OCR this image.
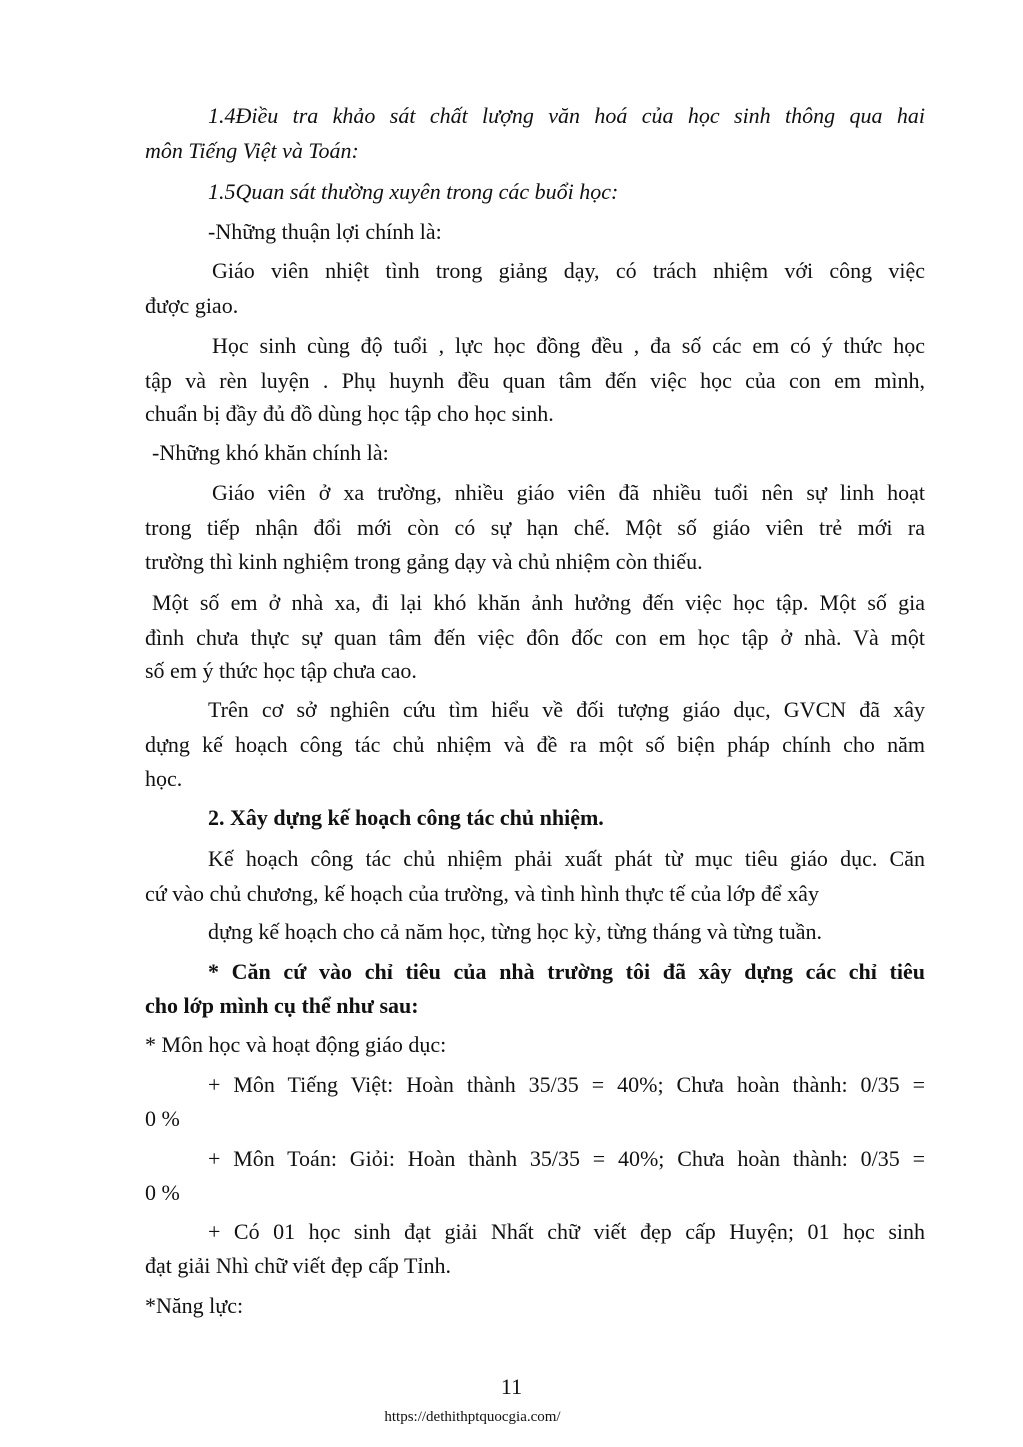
1.4Điều tra khảo sát chất lượng văn hoá của học sinh thông qua hai

môn Tiếng Việt và Toán:

1.5Quan sát thường xuyên trong các buổi học:

-Những thuận lợi chính là:

Giáo viên nhiệt tình trong giảng dạy, có trách nhiệm với công việc

được giao.

Học sinh cùng độ tuổi , lực học đồng đều , đa số các em có ý thức học

tập và rèn luyện . Phụ huynh đều quan tâm đến việc học của con em mình,

chuẩn bị đầy đủ đồ dùng học tập cho học sinh.

-Những khó khăn chính là:

Giáo viên ở xa trường, nhiều giáo viên đã nhiều tuổi nên sự linh hoạt

trong tiếp nhận đổi mới còn có sự hạn chế. Một số giáo viên trẻ mới ra

trường thì kinh nghiệm trong gảng dạy và chủ nhiệm còn thiếu.

Một số em ở nhà xa, đi lại khó khăn ảnh hưởng đến việc học tập. Một số gia

đình chưa thực sự quan tâm đến việc đôn đốc con em học tập ở nhà. Và một

số em ý thức học tập chưa cao.

Trên cơ sở nghiên cứu tìm hiểu về đối tượng giáo dục, GVCN đã xây

dựng kế hoạch công tác chủ nhiệm và đề ra một số biện pháp chính cho năm

học.

2. Xây dựng kế hoạch công tác chủ nhiệm.

Kế hoạch công tác chủ nhiệm phải xuất phát từ mục tiêu giáo dục. Căn

cứ vào chủ chương, kế hoạch của trường, và tình hình thực tế của lớp để xây

dựng kế hoạch cho cả năm học, từng học kỳ, từng tháng và từng tuần.

* Căn cứ vào chỉ tiêu của nhà trường tôi đã xây dựng các chỉ tiêu

cho lớp mình cụ thể như sau:

* Môn học và hoạt động giáo dục:

+ Môn Tiếng Việt: Hoàn thành 35/35 = 40%; Chưa hoàn thành: 0/35 =

0 %

+ Môn Toán: Giỏi: Hoàn thành 35/35 = 40%; Chưa hoàn thành: 0/35 =

0 %

+ Có 01 học sinh đạt giải Nhất chữ viết đẹp cấp Huyện; 01 học sinh

đạt giải Nhì chữ viết đẹp cấp Tỉnh.

*Năng lực:

11

https://dethithptquocgia.com/
